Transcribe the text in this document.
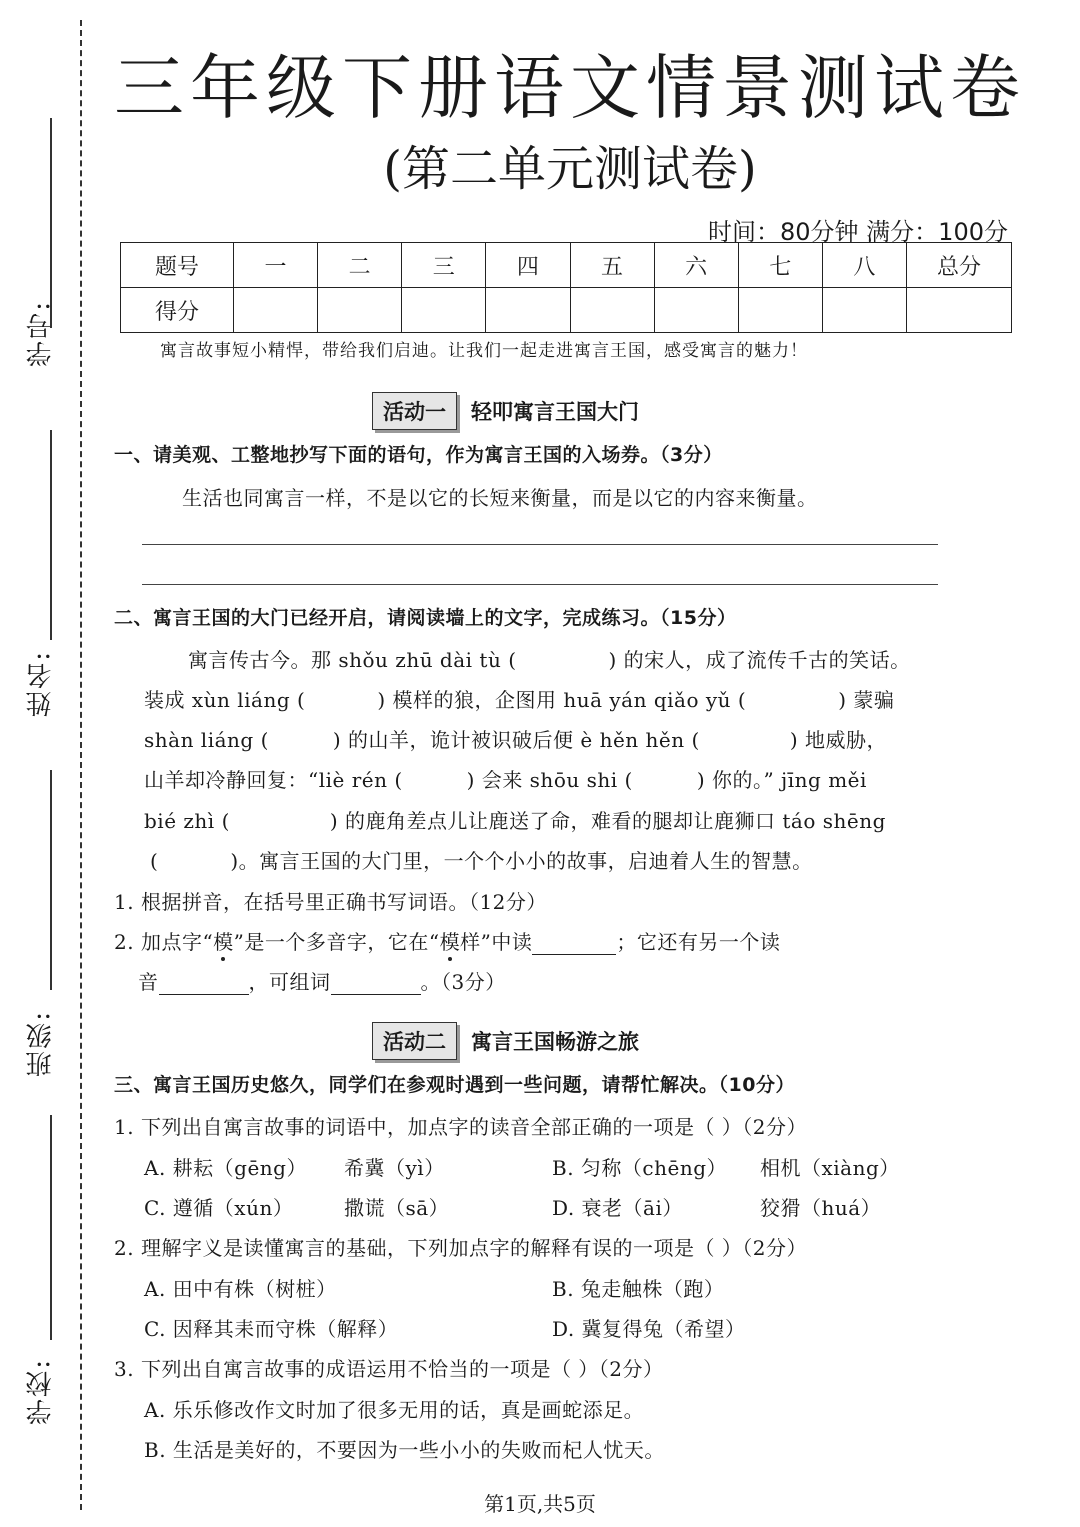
学号:
姓名:
班级:
学校:
三年级下册语文情景测试卷
(第二单元测试卷)
时间：80分钟 满分：100分
题号	一	二	三	四	五	六	七	八	总分
得分									
寓言故事短小精悍，带给我们启迪。让我们一起走进寓言王国，感受寓言的魅力！
活动一	轻叩寓言王国大门
一、请美观、工整地抄写下面的语句，作为寓言王国的入场券。（3分）
生活也同寓言一样，不是以它的长短来衡量，而是以它的内容来衡量。
二、寓言王国的大门已经开启，请阅读墙上的文字，完成练习。（15分）
寓言传古今。那 shǒu zhū dài tù (	) 的宋人，成了流传千古的笑话。
装成 xùn liáng (	) 模样的狼，企图用 huā yán qiǎo yǔ (	) 蒙骗
shàn liáng (	) 的山羊，诡计被识破后便 è hěn hěn (	) 地威胁，
山羊却冷静回复：“liè rén (	) 会来 shōu shi (	) 你的。” jīng měi
bié zhì (	) 的鹿角差点儿让鹿送了命，难看的腿却让鹿狮口 táo shēng
(	)。寓言王国的大门里，一个个小小的故事，启迪着人生的智慧。
1. 根据拼音，在括号里正确书写词语。（12分）
2. 加点字“模”是一个多音字，它在“模样”中读	；它还有另一个读
音	，可组词	。（3分）
活动二	寓言王国畅游之旅
三、寓言王国历史悠久，同学们在参观时遇到一些问题，请帮忙解决。（10分）
1. 下列出自寓言故事的词语中，加点字的读音全部正确的一项是（ ）（2分）
A. 耕耘（gēng） 希冀（yì）	B. 匀称（chēng） 相机（xiàng）
C. 遵循（xún）	撒谎（sā）	D. 衰老（āi）	狡猾（huá）
2. 理解字义是读懂寓言的基础，下列加点字的解释有误的一项是（ ）（2分）
A. 田中有株（树桩）	B. 兔走触株（跑）
C. 因释其耒而守株（解释）	D. 冀复得兔（希望）
3. 下列出自寓言故事的成语运用不恰当的一项是（ ）（2分）
A. 乐乐修改作文时加了很多无用的话，真是画蛇添足。
B. 生活是美好的，不要因为一些小小的失败而杞人忧天。
第1页,共5页
